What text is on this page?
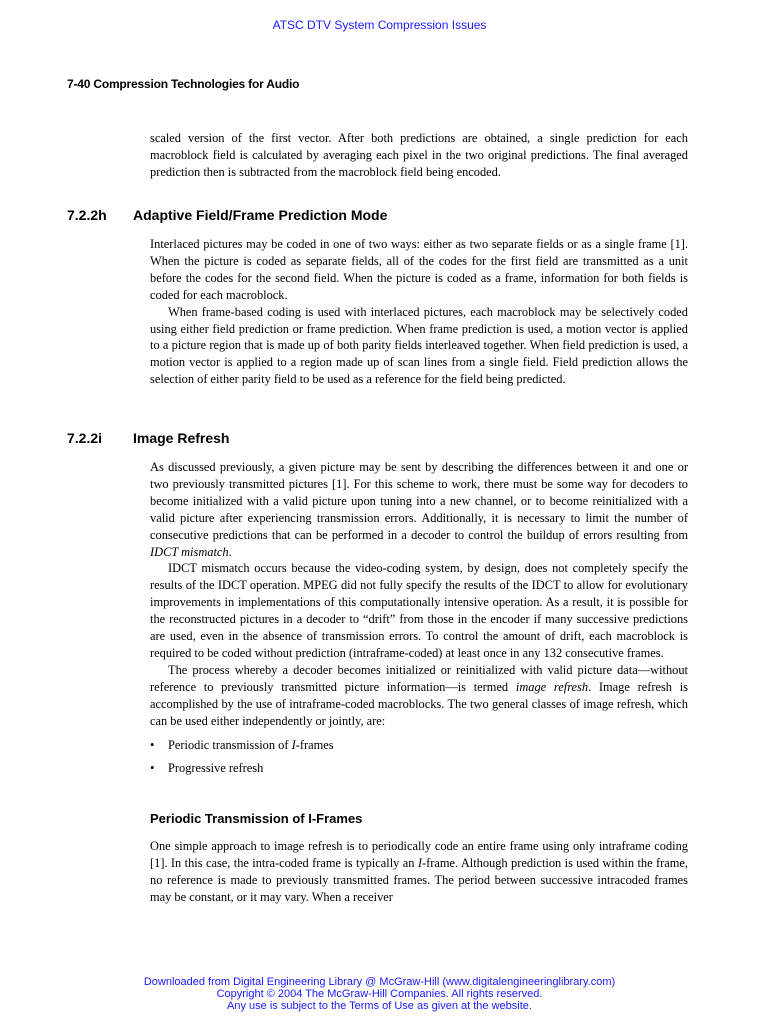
ATSC DTV System Compression Issues
7-40 Compression Technologies for Audio

scaled version of the first vector. After both predictions are obtained, a single prediction for each macroblock field is calculated by averaging each pixel in the two original predictions. The final averaged prediction then is subtracted from the macroblock field being encoded.

7.2.2h Adaptive Field/Frame Prediction Mode

Interlaced pictures may be coded in one of two ways: either as two separate fields or as a single frame [1]. When the picture is coded as separate fields, all of the codes for the first field are transmitted as a unit before the codes for the second field. When the picture is coded as a frame, information for both fields is coded for each macroblock.

When frame-based coding is used with interlaced pictures, each macroblock may be selectively coded using either field prediction or frame prediction. When frame prediction is used, a motion vector is applied to a picture region that is made up of both parity fields interleaved together. When field prediction is used, a motion vector is applied to a region made up of scan lines from a single field. Field prediction allows the selection of either parity field to be used as a reference for the field being predicted.

7.2.2i Image Refresh

As discussed previously, a given picture may be sent by describing the differences between it and one or two previously transmitted pictures [1]. For this scheme to work, there must be some way for decoders to become initialized with a valid picture upon tuning into a new channel, or to become reinitialized with a valid picture after experiencing transmission errors. Additionally, it is necessary to limit the number of consecutive predictions that can be performed in a decoder to control the buildup of errors resulting from IDCT mismatch.

IDCT mismatch occurs because the video-coding system, by design, does not completely specify the results of the IDCT operation. MPEG did not fully specify the results of the IDCT to allow for evolutionary improvements in implementations of this computationally intensive operation. As a result, it is possible for the reconstructed pictures in a decoder to “drift” from those in the encoder if many successive predictions are used, even in the absence of transmission errors. To control the amount of drift, each macroblock is required to be coded without prediction (intraframe-coded) at least once in any 132 consecutive frames.

The process whereby a decoder becomes initialized or reinitialized with valid picture data—without reference to previously transmitted picture information—is termed image refresh. Image refresh is accomplished by the use of intraframe-coded macroblocks. The two general classes of image refresh, which can be used either independently or jointly, are:

• Periodic transmission of I-frames
• Progressive refresh
Periodic Transmission of I-Frames

One simple approach to image refresh is to periodically code an entire frame using only intraframe coding [1]. In this case, the intra-coded frame is typically an I-frame. Although prediction is used within the frame, no reference is made to previously transmitted frames. The period between successive intracoded frames may be constant, or it may vary. When a receiver

Downloaded from Digital Engineering Library @ McGraw-Hill (www.digitalengineeringlibrary.com)
Copyright © 2004 The McGraw-Hill Companies. All rights reserved.
Any use is subject to the Terms of Use as given at the website.
